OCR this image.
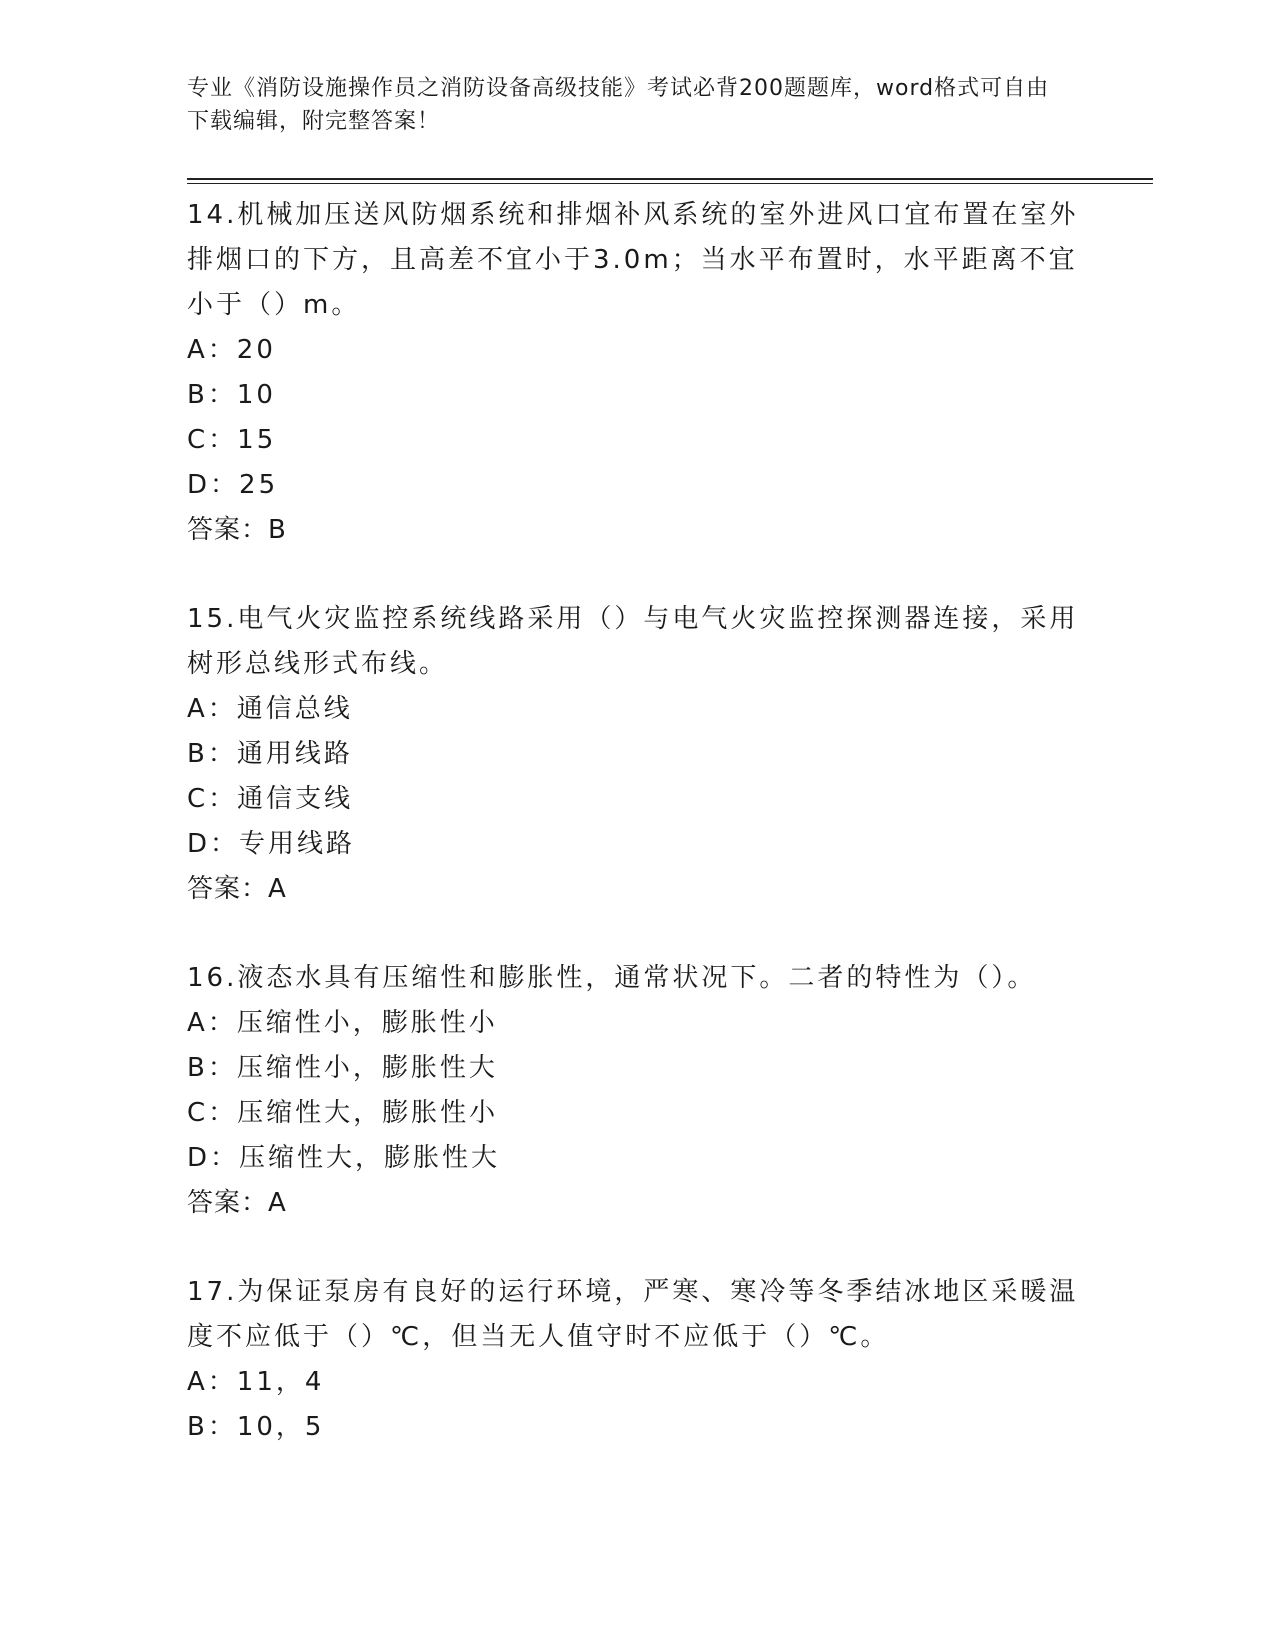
专业《消防设施操作员之消防设备高级技能》考试必背200题题库，word格式可自由下载编辑，附完整答案！
14.机械加压送风防烟系统和排烟补风系统的室外进风口宜布置在室外排烟口的下方，且高差不宜小于3.0m；当水平布置时，水平距离不宜小于（）m。
A：20
B：10
C：15
D：25
答案：B
15.电气火灾监控系统线路采用（）与电气火灾监控探测器连接，采用树形总线形式布线。
A：通信总线
B：通用线路
C：通信支线
D：专用线路
答案：A
16.液态水具有压缩性和膨胀性，通常状况下。二者的特性为（）。
A：压缩性小，膨胀性小
B：压缩性小，膨胀性大
C：压缩性大，膨胀性小
D：压缩性大，膨胀性大
答案：A
17.为保证泵房有良好的运行环境，严寒、寒冷等冬季结冰地区采暖温度不应低于（）℃，但当无人值守时不应低于（）℃。
A：11，4
B：10，5
